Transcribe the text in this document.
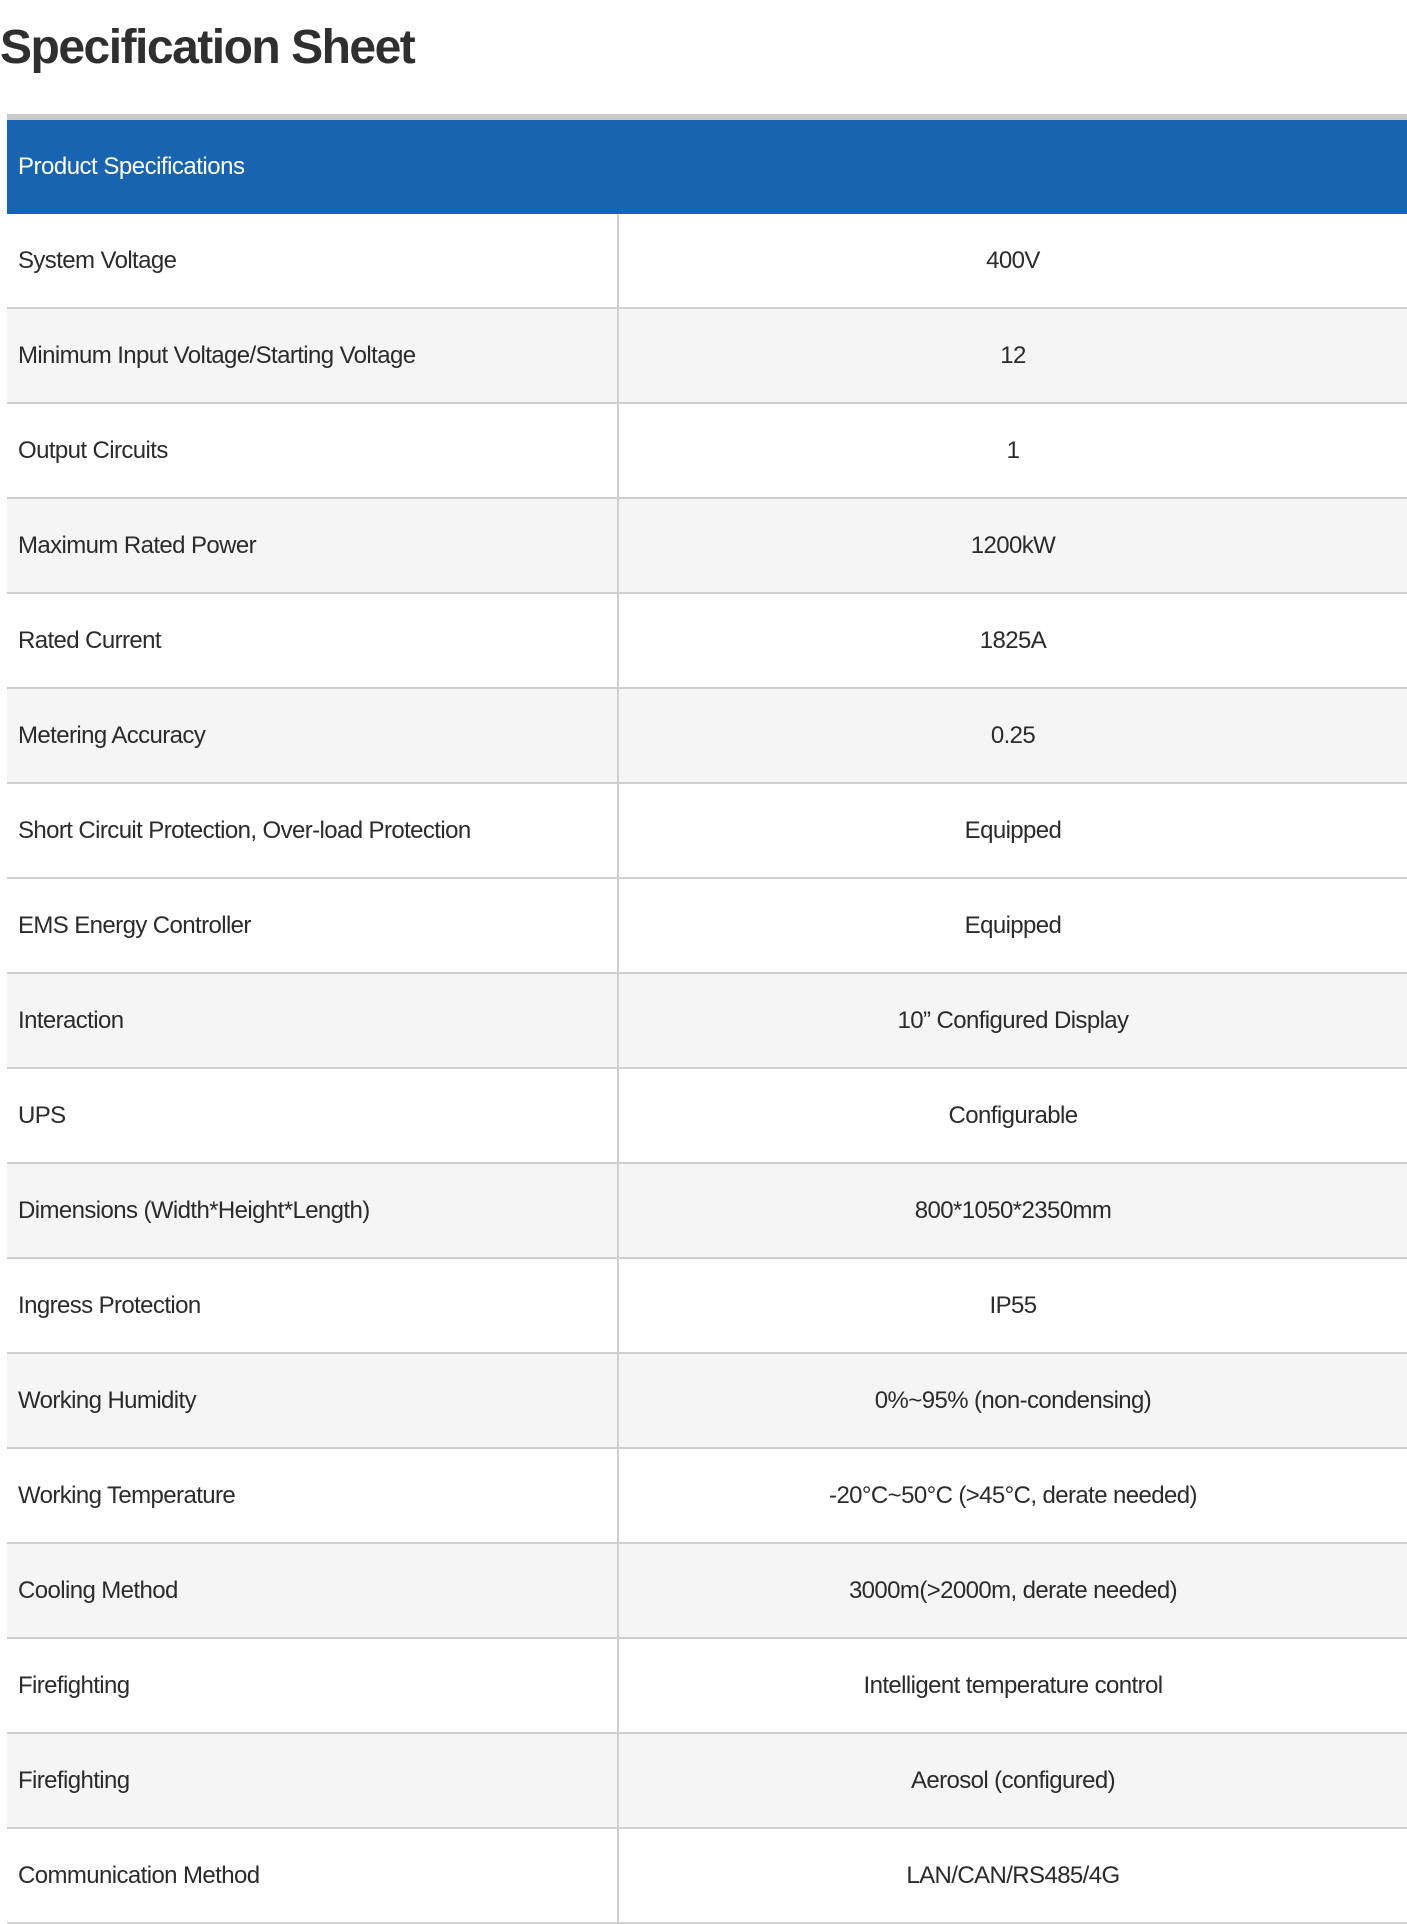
Specification Sheet
Product Specifications
System Voltage	400V
Minimum Input Voltage/Starting Voltage	12
Output Circuits	1
Maximum Rated Power	1200kW
Rated Current	1825A
Metering Accuracy	0.25
Short Circuit Protection, Over-load Protection	Equipped
EMS Energy Controller	Equipped
Interaction	10” Configured Display
UPS	Configurable
Dimensions (Width*Height*Length)	800*1050*2350mm
Ingress Protection	IP55
Working Humidity	0%~95% (non-condensing)
Working Temperature	-20°C~50°C (>45°C, derate needed)
Cooling Method	3000m(>2000m, derate needed)
Firefighting	Intelligent temperature control
Firefighting	Aerosol (configured)
Communication Method	LAN/CAN/RS485/4G
